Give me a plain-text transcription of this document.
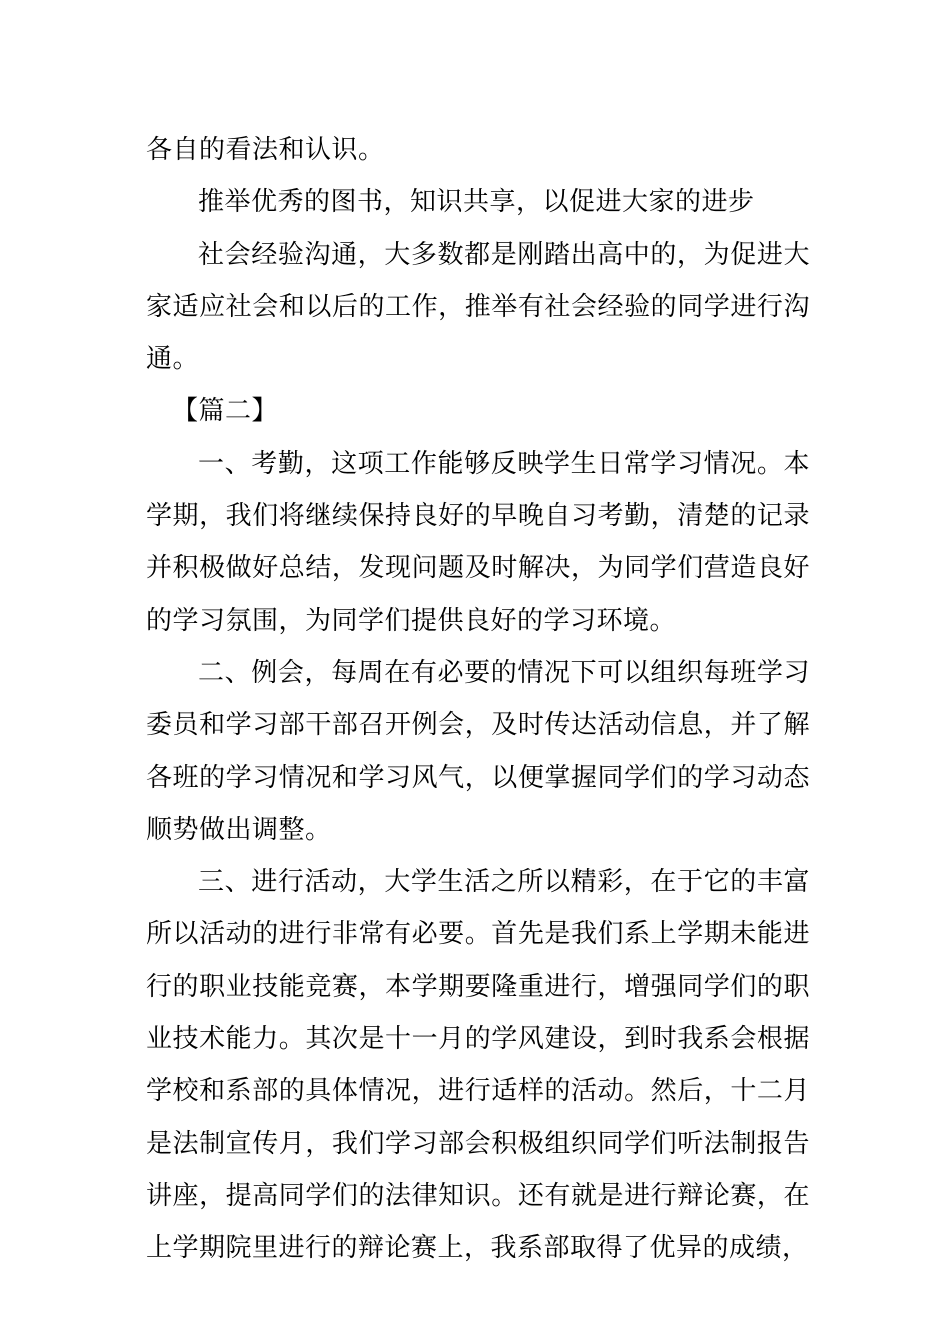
各自的看法和认识。

推举优秀的图书，知识共享，以促进大家的进步

社会经验沟通，大多数都是刚踏出高中的，为促进大家适应社会和以后的工作，推举有社会经验的同学进行沟通。

【篇二】

一、考勤，这项工作能够反映学生日常学习情况。本学期，我们将继续保持良好的早晚自习考勤，清楚的记录并积极做好总结，发现问题及时解决，为同学们营造良好的学习氛围，为同学们提供良好的学习环境。

二、例会，每周在有必要的情况下可以组织每班学习委员和学习部干部召开例会，及时传达活动信息，并了解各班的学习情况和学习风气，以便掌握同学们的学习动态顺势做出调整。

三、进行活动，大学生活之所以精彩，在于它的丰富所以活动的进行非常有必要。首先是我们系上学期未能进行的职业技能竞赛，本学期要隆重进行，增强同学们的职业技术能力。其次是十一月的学风建设，到时我系会根据学校和系部的具体情况，进行适样的活动。然后，十二月是法制宣传月，我们学习部会积极组织同学们听法制报告讲座，提高同学们的法律知识。还有就是进行辩论赛，在上学期院里进行的辩论赛上，我系部取得了优异的成绩，
